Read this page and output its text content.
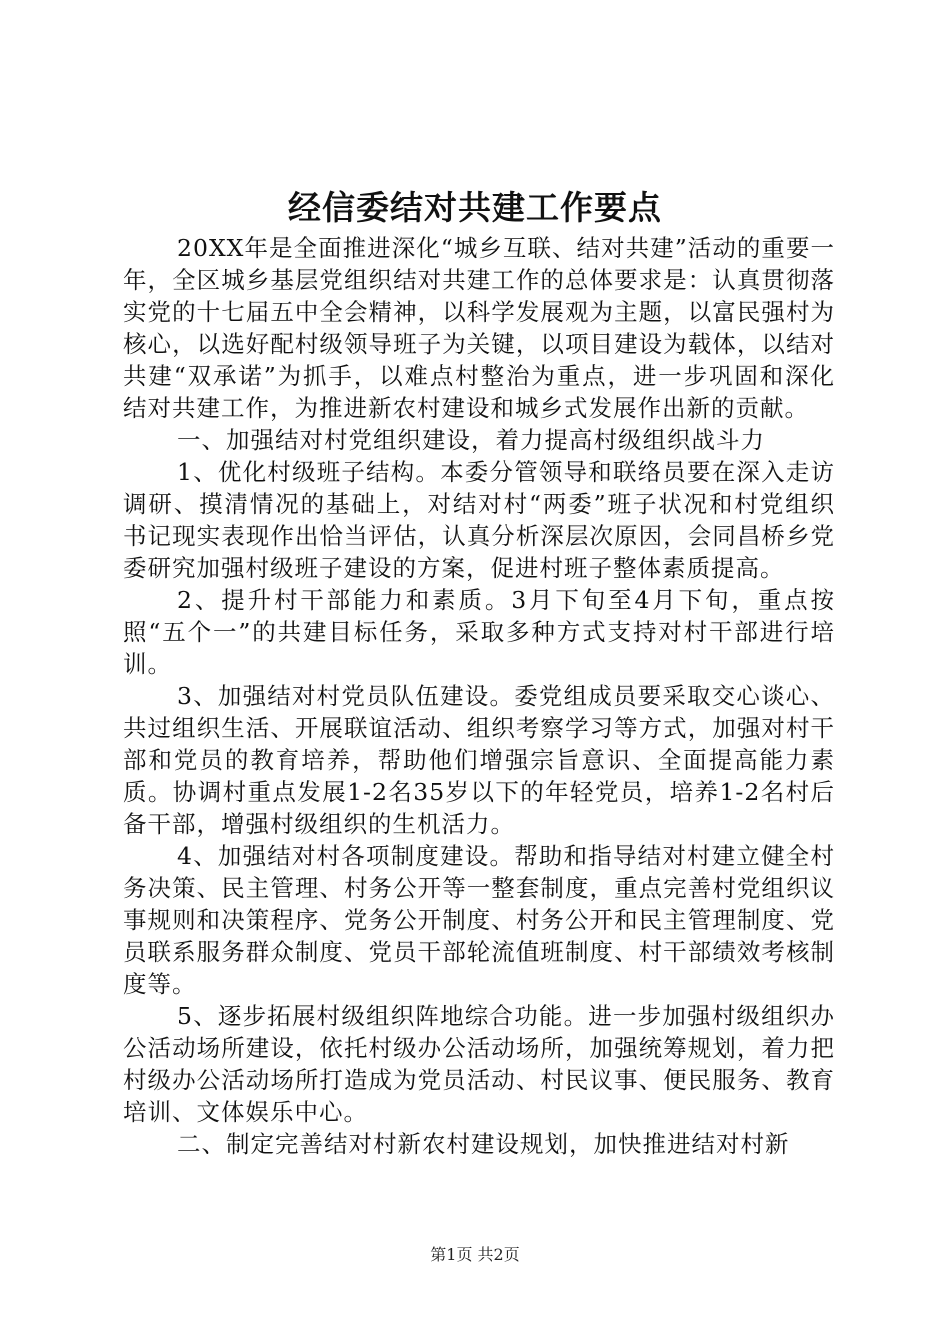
经信委结对共建工作要点

20XX年是全面推进深化“城乡互联、结对共建”活动的重要一年，全区城乡基层党组织结对共建工作的总体要求是：认真贯彻落实党的十七届五中全会精神，以科学发展观为主题，以富民强村为核心，以选好配村级领导班子为关键，以项目建设为载体，以结对共建“双承诺”为抓手，以难点村整治为重点，进一步巩固和深化结对共建工作，为推进新农村建设和城乡式发展作出新的贡献。

一、加强结对村党组织建设，着力提高村级组织战斗力

1、优化村级班子结构。本委分管领导和联络员要在深入走访调研、摸清情况的基础上，对结对村“两委”班子状况和村党组织书记现实表现作出恰当评估，认真分析深层次原因，会同昌桥乡党委研究加强村级班子建设的方案，促进村班子整体素质提高。

2、提升村干部能力和素质。3月下旬至4月下旬，重点按照“五个一”的共建目标任务，采取多种方式支持对村干部进行培训。

3、加强结对村党员队伍建设。委党组成员要采取交心谈心、共过组织生活、开展联谊活动、组织考察学习等方式，加强对村干部和党员的教育培养，帮助他们增强宗旨意识、全面提高能力素质。协调村重点发展1-2名35岁以下的年轻党员，培养1-2名村后备干部，增强村级组织的生机活力。

4、加强结对村各项制度建设。帮助和指导结对村建立健全村务决策、民主管理、村务公开等一整套制度，重点完善村党组织议事规则和决策程序、党务公开制度、村务公开和民主管理制度、党员联系服务群众制度、党员干部轮流值班制度、村干部绩效考核制度等。

5、逐步拓展村级组织阵地综合功能。进一步加强村级组织办公活动场所建设，依托村级办公活动场所，加强统筹规划，着力把村级办公活动场所打造成为党员活动、村民议事、便民服务、教育培训、文体娱乐中心。

二、制定完善结对村新农村建设规划，加快推进结对村新

第1页 共2页
